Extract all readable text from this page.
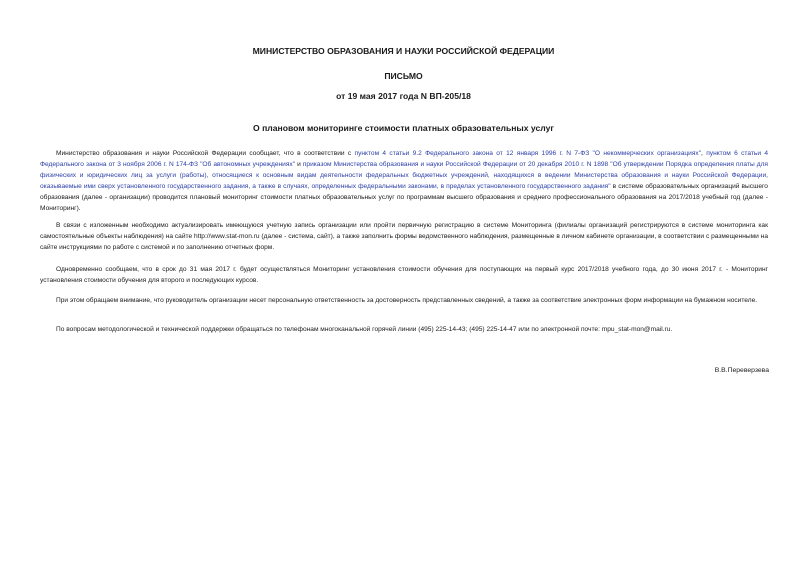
МИНИСТЕРСТВО ОБРАЗОВАНИЯ И НАУКИ РОССИЙСКОЙ ФЕДЕРАЦИИ
ПИСЬМО
от 19 мая 2017 года N ВП-205/18
О плановом мониторинге стоимости платных образовательных услуг
Министерство образования и науки Российской Федерации сообщает, что в соответствии с пунктом 4 статьи 9.2 Федерального закона от 12 января 1996 г. N 7-ФЗ "О некоммерческих организациях", пунктом 6 статьи 4 Федерального закона от 3 ноября 2006 г. N 174-ФЗ "Об автономных учреждениях" и приказом Министерства образования и науки Российской Федерации от 20 декабря 2010 г. N 1898 "Об утверждении Порядка определения платы для физических и юридических лиц за услуги (работы), относящиеся к основным видам деятельности федеральных бюджетных учреждений, находящихся в ведении Министерства образования и науки Российской Федерации, оказываемые ими сверх установленного государственного задания, а также в случаях, определенных федеральными законами, в пределах установленного государственного задания" в системе образовательных организаций высшего образования (далее - организации) проводится плановый мониторинг стоимости платных образовательных услуг по программам высшего образования и среднего профессионального образования на 2017/2018 учебный год (далее - Мониторинг).
В связи с изложенным необходимо актуализировать имеющуюся учетную запись организации или пройти первичную регистрацию в системе Мониторинга (филиалы организаций регистрируются в системе мониторинга как самостоятельные объекты наблюдения) на сайте http://www.stat-mon.ru (далее - система, сайт), а также заполнить формы ведомственного наблюдения, размещенные в личном кабинете организации, в соответствии с размещенными на сайте инструкциями по работе с системой и по заполнению отчетных форм.
Одновременно сообщаем, что в срок до 31 мая 2017 г. будет осуществляться Мониторинг установления стоимости обучения для поступающих на первый курс 2017/2018 учебного года, до 30 июня 2017 г. - Мониторинг установления стоимости обучения для второго и последующих курсов.
При этом обращаем внимание, что руководитель организации несет персональную ответственность за достоверность представленных сведений, а также за соответствие электронных форм информации на бумажном носителе.
По вопросам методологической и технической поддержки обращаться по телефонам многоканальной горячей линии (495) 225-14-43; (495) 225-14-47 или по электронной почте: mpu_stat-mon@mail.ru.
В.В.Переверзева
